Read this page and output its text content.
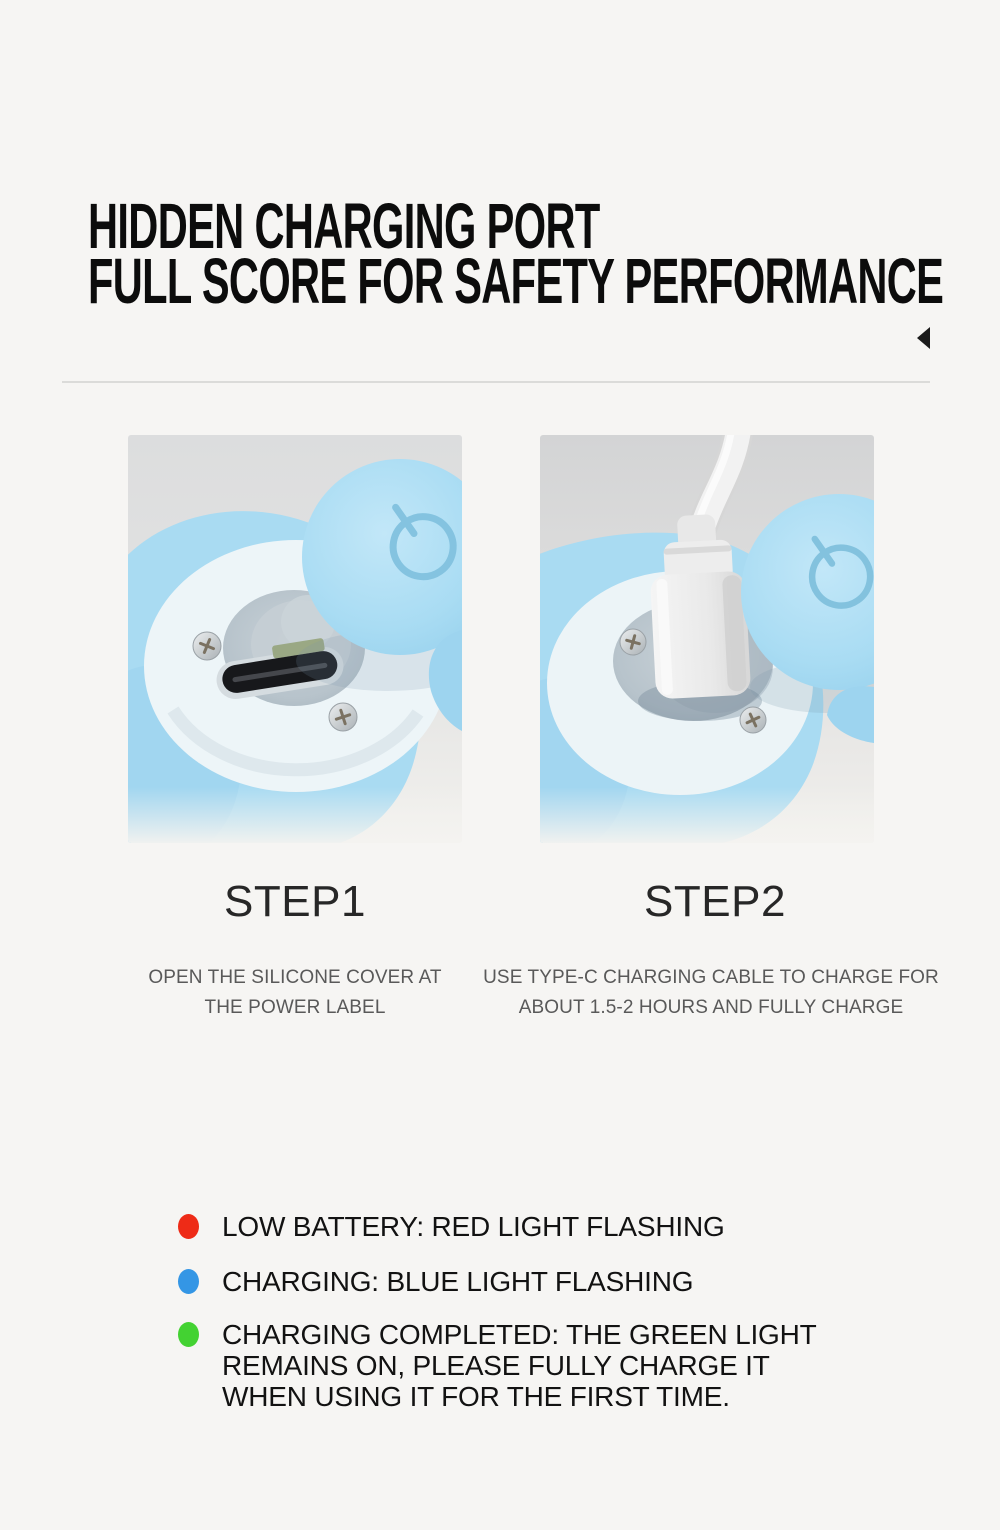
HIDDEN CHARGING PORT
FULL SCORE FOR SAFETY PERFORMANCE
STEP1	STEP2
OPEN THE SILICONE COVER AT
THE POWER LABEL
USE TYPE-C CHARGING CABLE TO CHARGE FOR
ABOUT 1.5-2 HOURS AND FULLY CHARGE
LOW BATTERY: RED LIGHT FLASHING
CHARGING: BLUE LIGHT FLASHING
CHARGING COMPLETED: THE GREEN LIGHT
REMAINS ON, PLEASE FULLY CHARGE IT
WHEN USING IT FOR THE FIRST TIME.
